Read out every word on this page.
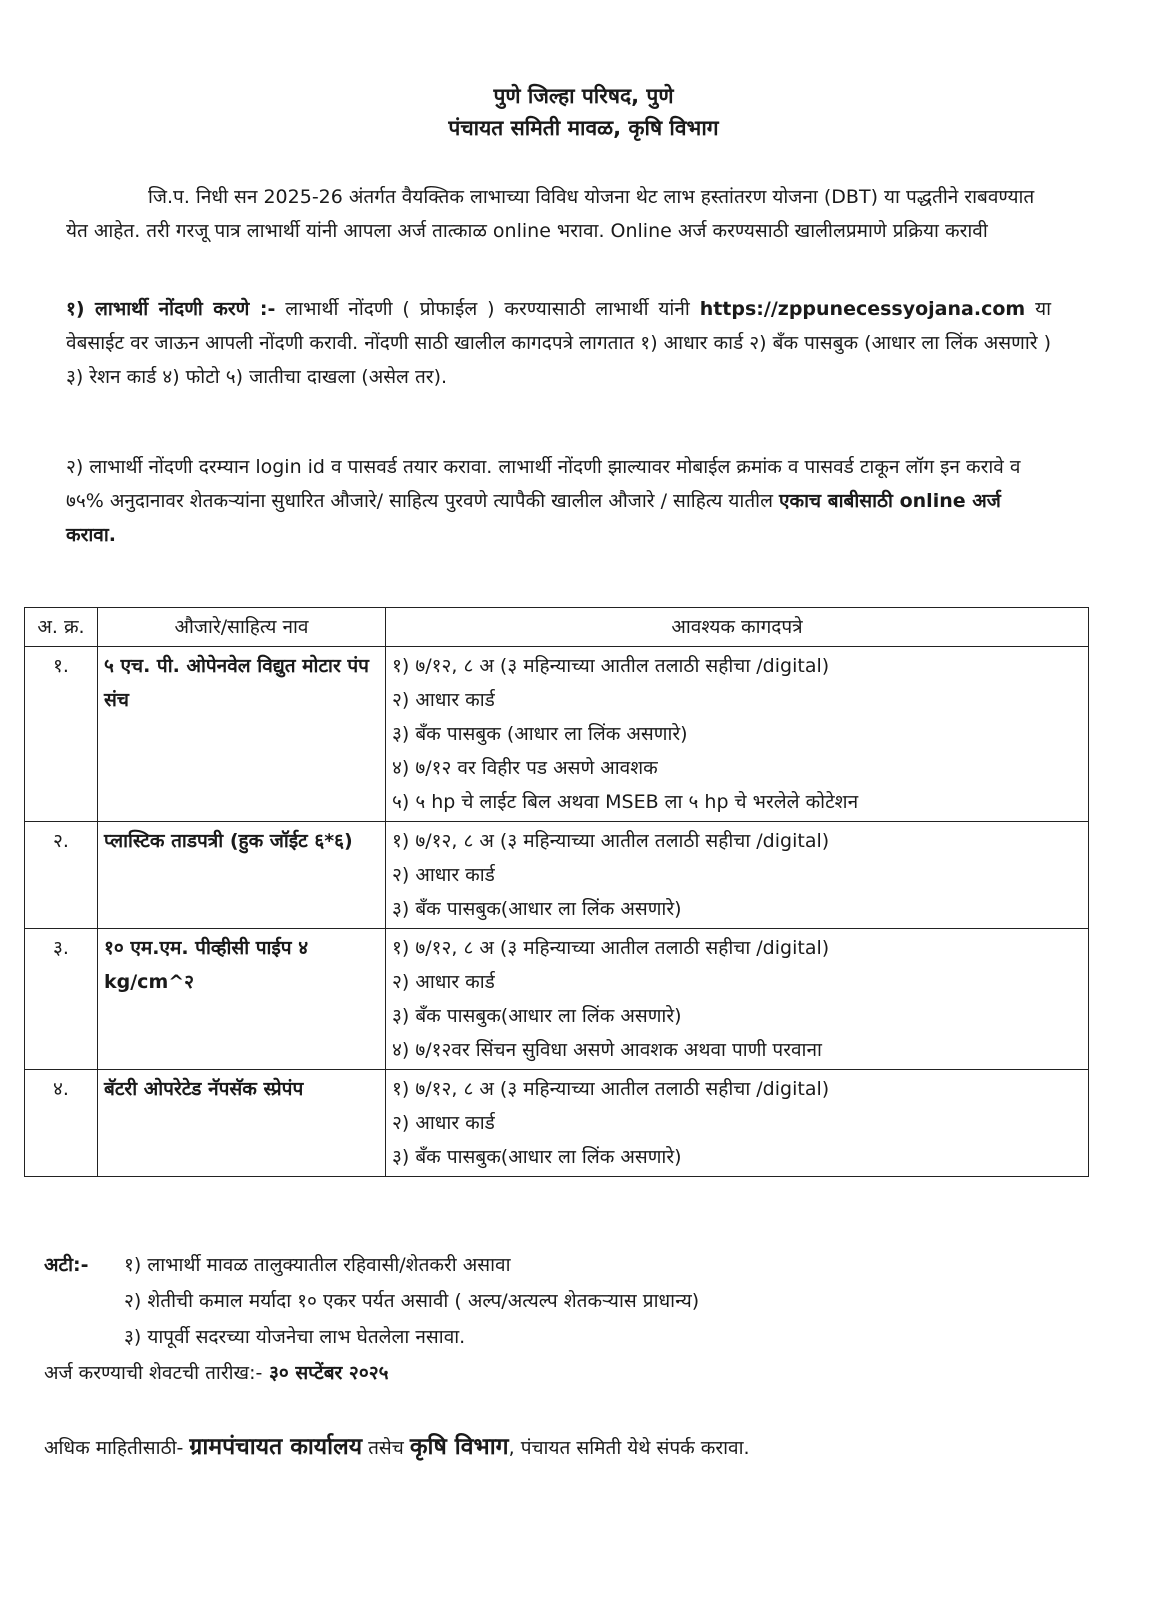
पुणे जिल्हा परिषद, पुणे
पंचायत समिती मावळ, कृषि विभाग
जि.प. निधी सन 2025-26 अंतर्गत वैयक्तिक लाभाच्या विविध योजना थेट लाभ हस्तांतरण योजना (DBT) या पद्धतीने राबवण्यात येत आहेत. तरी गरजू पात्र लाभार्थी यांनी आपला अर्ज तात्काळ online भरावा. Online अर्ज करण्यसाठी खालीलप्रमाणे प्रक्रिया करावी
१) लाभार्थी नोंदणी करणे :- लाभार्थी नोंदणी ( प्रोफाईल ) करण्यासाठी लाभार्थी यांनी https://zppunecessyojana.com या वेबसाईट वर जाऊन आपली नोंदणी करावी. नोंदणी साठी खालील कागदपत्रे लागतात १) आधार कार्ड २) बँक पासबुक (आधार ला लिंक असणारे ) ३) रेशन कार्ड ४) फोटो ५) जातीचा दाखला (असेल तर).
२) लाभार्थी नोंदणी दरम्यान login id व पासवर्ड तयार करावा. लाभार्थी नोंदणी झाल्यावर मोबाईल क्रमांक व पासवर्ड टाकून लॉग इन करावे व ७५% अनुदानावर शेतकऱ्यांना सुधारित औजारे/ साहित्य पुरवणे त्यापैकी खालील औजारे / साहित्य यातील एकाच बाबीसाठी online अर्ज करावा.
अ. क्र.	औजारे/साहित्य नाव	आवश्यक कागदपत्रे
१.	५ एच. पी. ओपेनवेल विद्युत मोटार पंप संच	१) ७/१२, ८ अ (३ महिन्याच्या आतील तलाठी सहीचा /digital)
२) आधार कार्ड
३) बँक पासबुक (आधार ला लिंक असणारे)
४) ७/१२ वर विहीर पड असणे आवशक
५) ५ hp चे लाईट बिल अथवा MSEB ला ५ hp चे भरलेले कोटेशन

२.	प्लास्टिक ताडपत्री (हुक जॉईट ६*६)	१) ७/१२, ८ अ (३ महिन्याच्या आतील तलाठी सहीचा /digital)
२) आधार कार्ड
३) बँक पासबुक(आधार ला लिंक असणारे)

३.	१० एम.एम. पीव्हीसी पाईप ४ kg/cm^२	१) ७/१२, ८ अ (३ महिन्याच्या आतील तलाठी सहीचा /digital)
२) आधार कार्ड
३) बँक पासबुक(आधार ला लिंक असणारे)
४) ७/१२वर सिंचन सुविधा असणे आवशक अथवा पाणी परवाना

४.	बॅटरी ओपरेटेड नॅपसॅक स्प्रेपंप	१) ७/१२, ८ अ (३ महिन्याच्या आतील तलाठी सहीचा /digital)
२) आधार कार्ड
३) बँक पासबुक(आधार ला लिंक असणारे)
अटी:-	१) लाभार्थी मावळ तालुक्यातील रहिवासी/शेतकरी असावा
२) शेतीची कमाल मर्यादा १० एकर पर्यत असावी ( अल्प/अत्यल्प शेतकऱ्यास प्राधान्य)
३) यापूर्वी सदरच्या योजनेचा लाभ घेतलेला नसावा.
अर्ज करण्याची शेवटची तारीख:- ३० सप्टेंबर २०२५
अधिक माहितीसाठी- ग्रामपंचायत कार्यालय तसेच कृषि विभाग, पंचायत समिती येथे संपर्क करावा.
